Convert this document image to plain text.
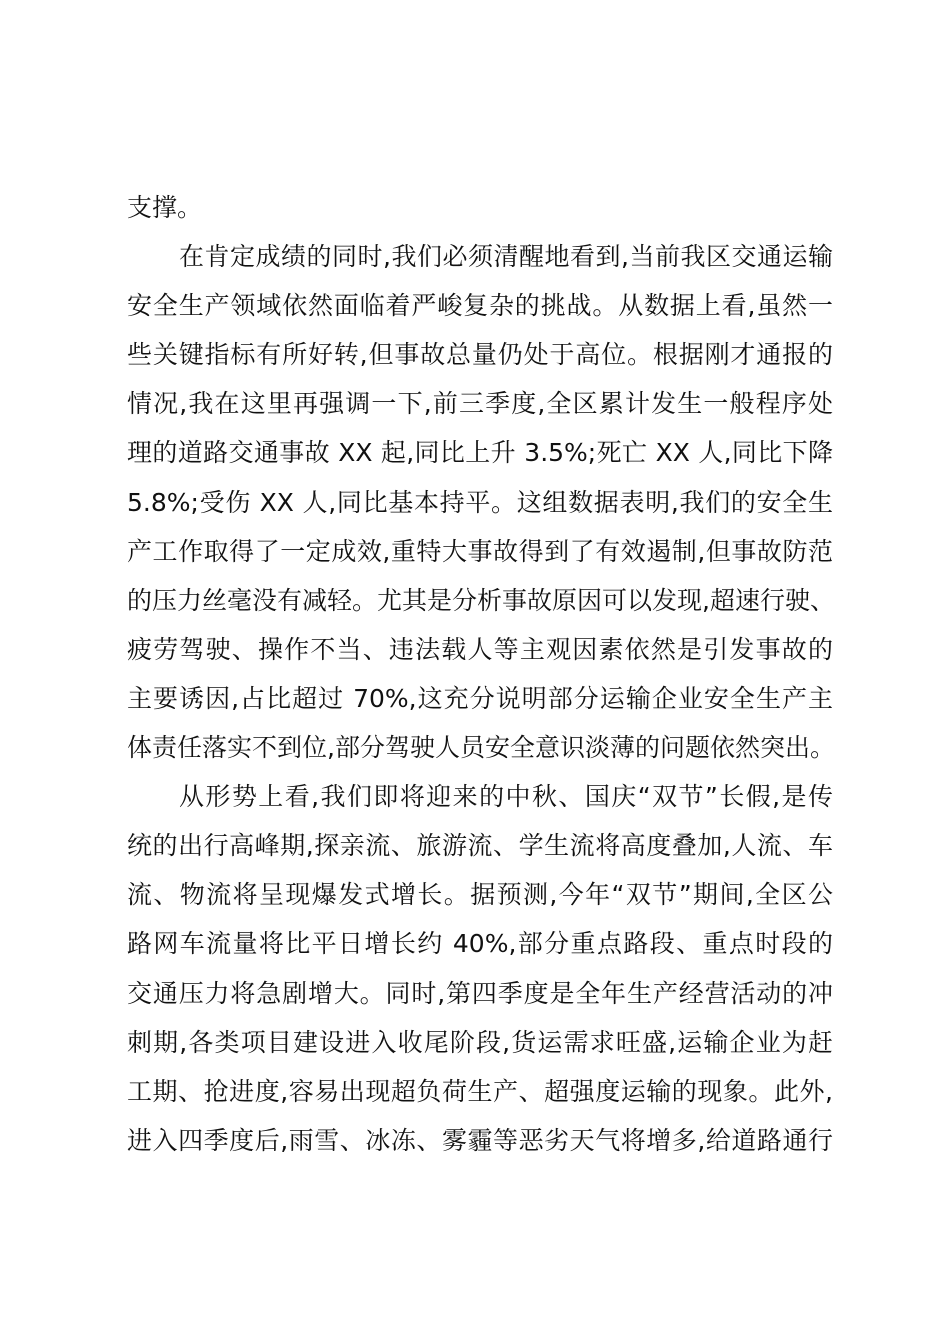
支撑。
在肯定成绩的同时,我们必须清醒地看到,当前我区交通运输
安全生产领域依然面临着严峻复杂的挑战。从数据上看,虽然一
些关键指标有所好转,但事故总量仍处于高位。根据刚才通报的
情况,我在这里再强调一下,前三季度,全区累计发生一般程序处
理的道路交通事故 XX 起,同比上升 3.5%;死亡 XX 人,同比下降
5.8%;受伤 XX 人,同比基本持平。这组数据表明,我们的安全生
产工作取得了一定成效,重特大事故得到了有效遏制,但事故防范
的压力丝毫没有减轻。尤其是分析事故原因可以发现,超速行驶、
疲劳驾驶、操作不当、违法载人等主观因素依然是引发事故的
主要诱因,占比超过 70%,这充分说明部分运输企业安全生产主
体责任落实不到位,部分驾驶人员安全意识淡薄的问题依然突出。
从形势上看,我们即将迎来的中秋、国庆“双节”长假,是传
统的出行高峰期,探亲流、旅游流、学生流将高度叠加,人流、车
流、物流将呈现爆发式增长。据预测,今年“双节”期间,全区公
路网车流量将比平日增长约 40%,部分重点路段、重点时段的
交通压力将急剧增大。同时,第四季度是全年生产经营活动的冲
刺期,各类项目建设进入收尾阶段,货运需求旺盛,运输企业为赶
工期、抢进度,容易出现超负荷生产、超强度运输的现象。此外,
进入四季度后,雨雪、冰冻、雾霾等恶劣天气将增多,给道路通行
